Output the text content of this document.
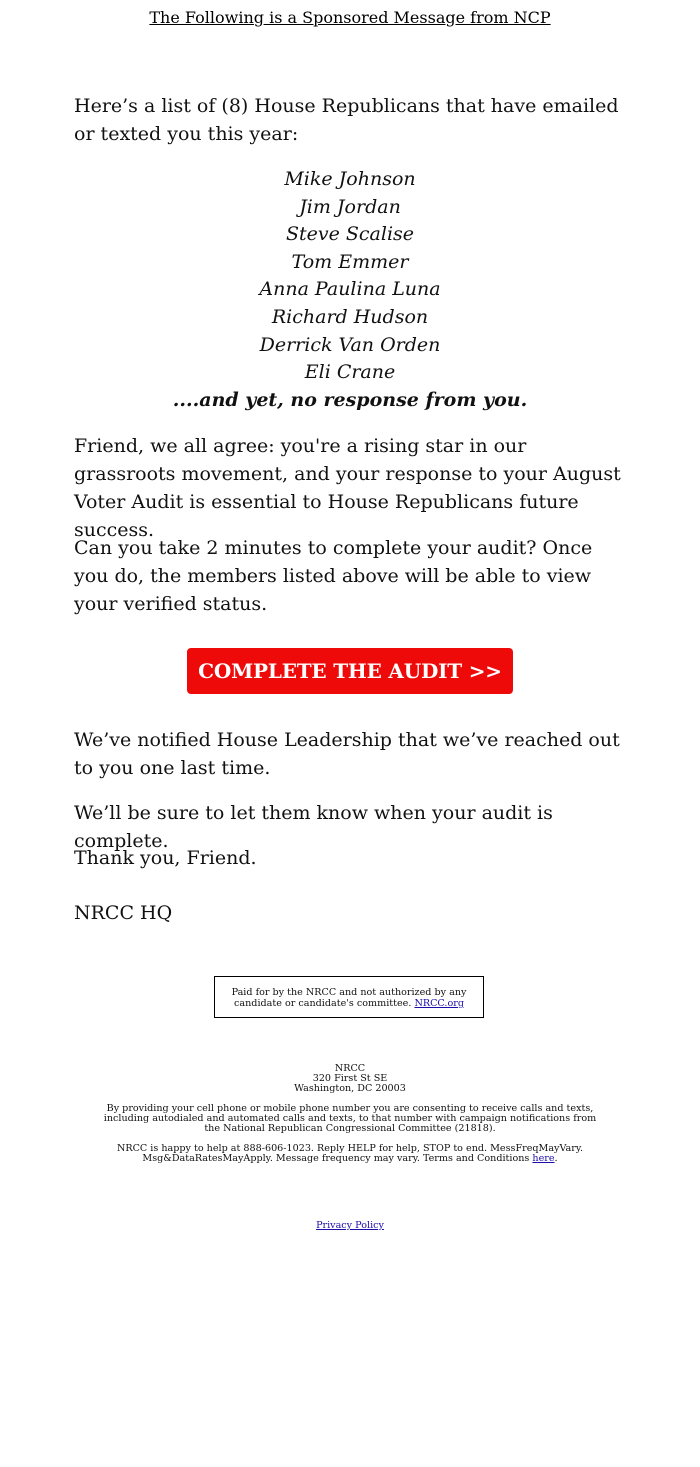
The Following is a Sponsored Message from NCP

Here’s a list of (8) House Republicans that have emailed or texted you this year:

Mike Johnson
Jim Jordan
Steve Scalise
Tom Emmer
Anna Paulina Luna
Richard Hudson
Derrick Van Orden
Eli Crane
....and yet, no response from you.

Friend, we all agree: you're a rising star in our grassroots movement, and your response to your August Voter Audit is essential to House Republicans future success.

Can you take 2 minutes to complete your audit? Once you do, the members listed above will be able to view your verified status.

COMPLETE THE AUDIT >>

We’ve notified House Leadership that we’ve reached out to you one last time.

We’ll be sure to let them know when your audit is complete.

Thank you, Friend.

NRCC HQ

Paid for by the NRCC and not authorized by any candidate or candidate's committee. NRCC.org
NRCC
320 First St SE
Washington, DC 20003
By providing your cell phone or mobile phone number you are consenting to receive calls and texts, including autodialed and automated calls and texts, to that number with campaign notifications from the National Republican Congressional Committee (21818).
NRCC is happy to help at 888-606-1023. Reply HELP for help, STOP to end. MessFreqMayVary. Msg&DataRatesMayApply. Message frequency may vary. Terms and Conditions here.
Privacy Policy
